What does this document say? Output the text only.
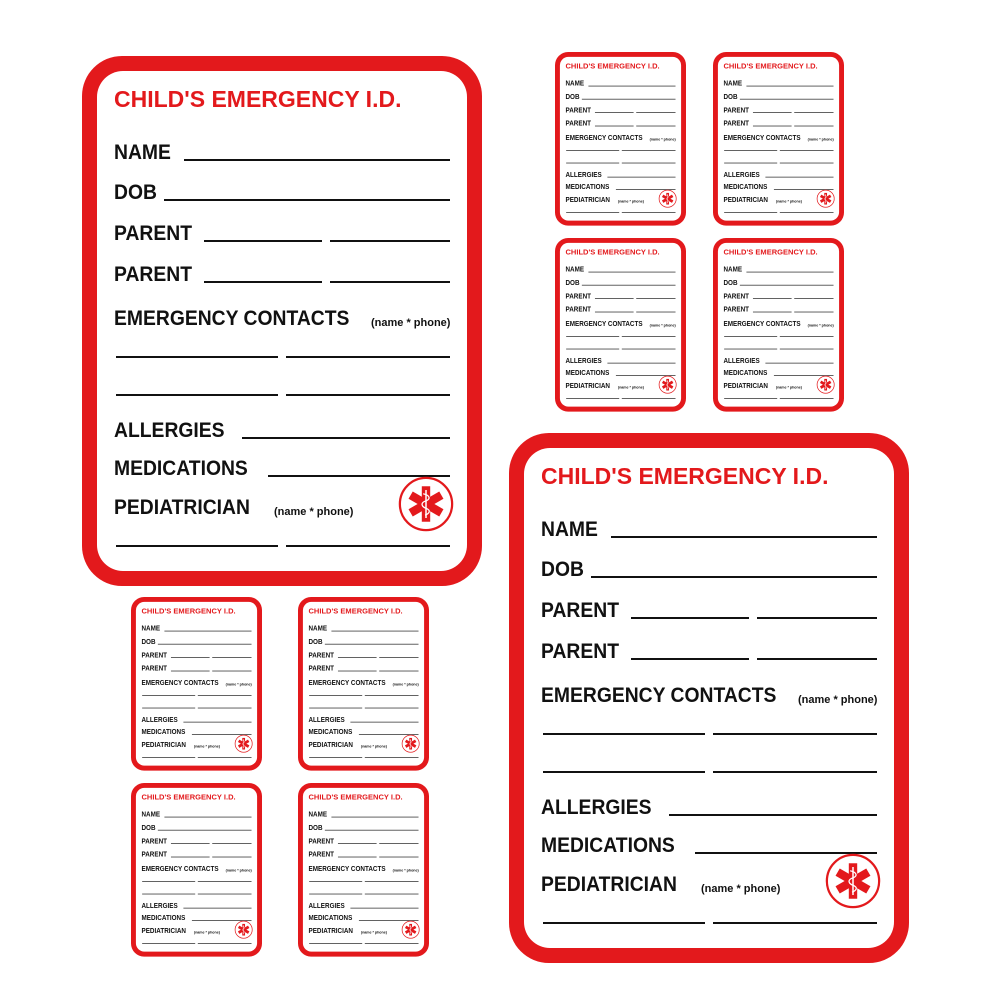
CHILD'S EMERGENCY I.D.
NAME
DOB
PARENT
PARENT
EMERGENCY CONTACTS (name * phone)
ALLERGIES
MEDICATIONS
PEDIATRICIAN (name * phone)
CHILD'S EMERGENCY I.D.
NAME
DOB
PARENT
PARENT
EMERGENCY CONTACTS (name * phone)
ALLERGIES
MEDICATIONS
PEDIATRICIAN (name * phone)
CHILD'S EMERGENCY I.D.
NAME
DOB
PARENT
PARENT
EMERGENCY CONTACTS (name * phone)
ALLERGIES
MEDICATIONS
PEDIATRICIAN (name * phone)
CHILD'S EMERGENCY I.D.
NAME
DOB
PARENT
PARENT
EMERGENCY CONTACTS (name * phone)
ALLERGIES
MEDICATIONS
PEDIATRICIAN (name * phone)
CHILD'S EMERGENCY I.D.
NAME
DOB
PARENT
PARENT
EMERGENCY CONTACTS (name * phone)
ALLERGIES
MEDICATIONS
PEDIATRICIAN (name * phone)
CHILD'S EMERGENCY I.D.
NAME
DOB
PARENT
PARENT
EMERGENCY CONTACTS (name * phone)
ALLERGIES
MEDICATIONS
PEDIATRICIAN (name * phone)
CHILD'S EMERGENCY I.D.
NAME
DOB
PARENT
PARENT
EMERGENCY CONTACTS (name * phone)
ALLERGIES
MEDICATIONS
PEDIATRICIAN (name * phone)
CHILD'S EMERGENCY I.D.
NAME
DOB
PARENT
PARENT
EMERGENCY CONTACTS (name * phone)
ALLERGIES
MEDICATIONS
PEDIATRICIAN (name * phone)
CHILD'S EMERGENCY I.D.
NAME
DOB
PARENT
PARENT
EMERGENCY CONTACTS (name * phone)
ALLERGIES
MEDICATIONS
PEDIATRICIAN (name * phone)
CHILD'S EMERGENCY I.D.
NAME
DOB
PARENT
PARENT
EMERGENCY CONTACTS (name * phone)
ALLERGIES
MEDICATIONS
PEDIATRICIAN (name * phone)
